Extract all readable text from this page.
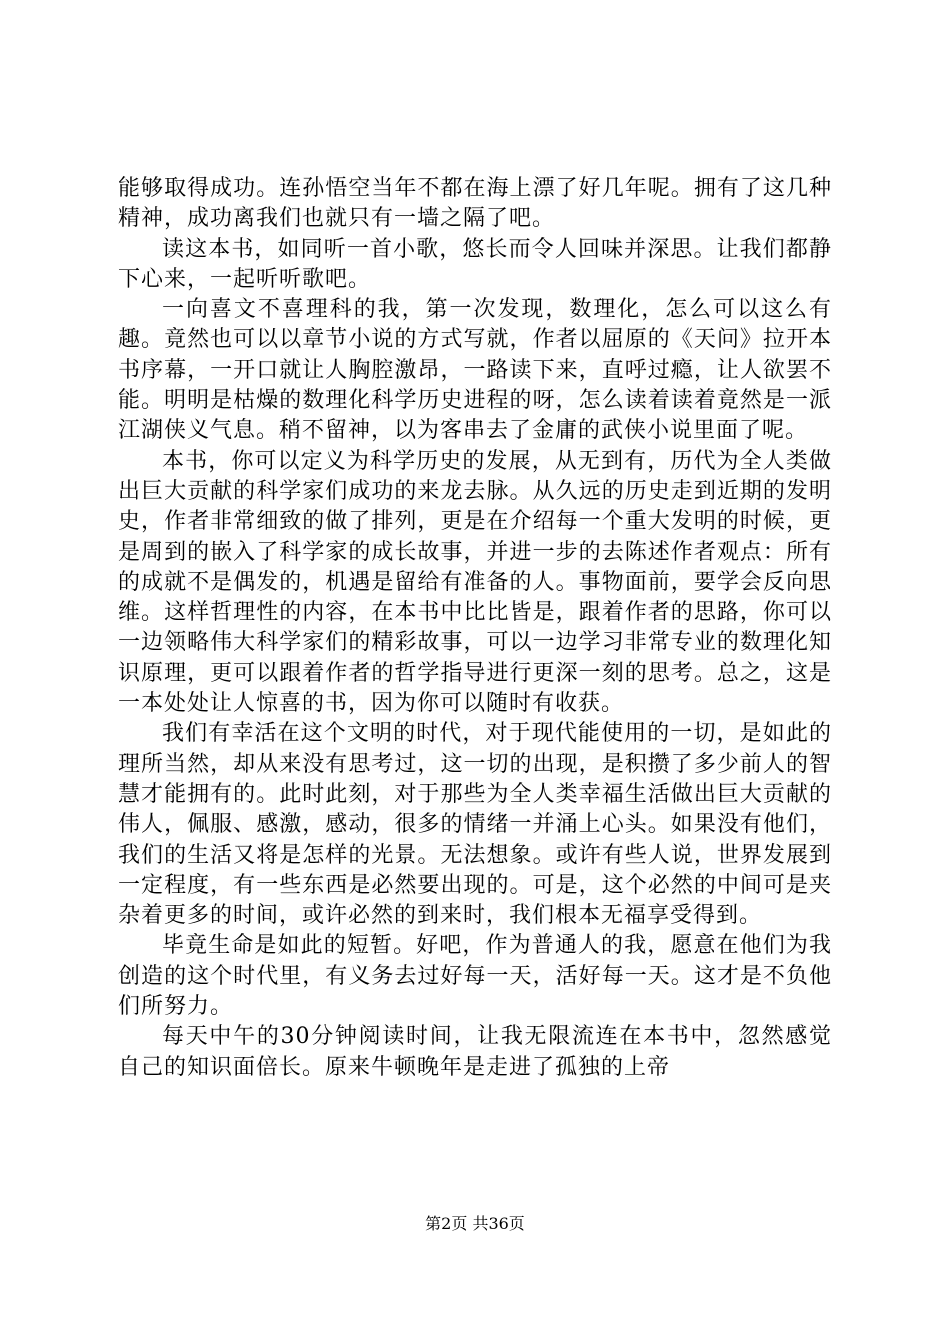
能够取得成功。连孙悟空当年不都在海上漂了好几年呢。拥有了这几种精神，成功离我们也就只有一墙之隔了吧。

读这本书，如同听一首小歌，悠长而令人回味并深思。让我们都静下心来，一起听听歌吧。

一向喜文不喜理科的我，第一次发现，数理化，怎么可以这么有趣。竟然也可以以章节小说的方式写就，作者以屈原的《天问》拉开本书序幕，一开口就让人胸腔激昂，一路读下来，直呼过瘾，让人欲罢不能。明明是枯燥的数理化科学历史进程的呀，怎么读着读着竟然是一派江湖侠义气息。稍不留神，以为客串去了金庸的武侠小说里面了呢。

本书，你可以定义为科学历史的发展，从无到有，历代为全人类做出巨大贡献的科学家们成功的来龙去脉。从久远的历史走到近期的发明史，作者非常细致的做了排列，更是在介绍每一个重大发明的时候，更是周到的嵌入了科学家的成长故事，并进一步的去陈述作者观点：所有的成就不是偶发的，机遇是留给有准备的人。事物面前，要学会反向思维。这样哲理性的内容，在本书中比比皆是，跟着作者的思路，你可以一边领略伟大科学家们的精彩故事，可以一边学习非常专业的数理化知识原理，更可以跟着作者的哲学指导进行更深一刻的思考。总之，这是一本处处让人惊喜的书，因为你可以随时有收获。

我们有幸活在这个文明的时代，对于现代能使用的一切，是如此的理所当然，却从来没有思考过，这一切的出现，是积攒了多少前人的智慧才能拥有的。此时此刻，对于那些为全人类幸福生活做出巨大贡献的伟人，佩服、感激，感动，很多的情绪一并涌上心头。如果没有他们，我们的生活又将是怎样的光景。无法想象。或许有些人说，世界发展到一定程度，有一些东西是必然要出现的。可是，这个必然的中间可是夹杂着更多的时间，或许必然的到来时，我们根本无福享受得到。

毕竟生命是如此的短暂。好吧，作为普通人的我，愿意在他们为我创造的这个时代里，有义务去过好每一天，活好每一天。这才是不负他们所努力。

每天中午的30分钟阅读时间，让我无限流连在本书中，忽然感觉自己的知识面倍长。原来牛顿晚年是走进了孤独的上帝

第2页 共36页
